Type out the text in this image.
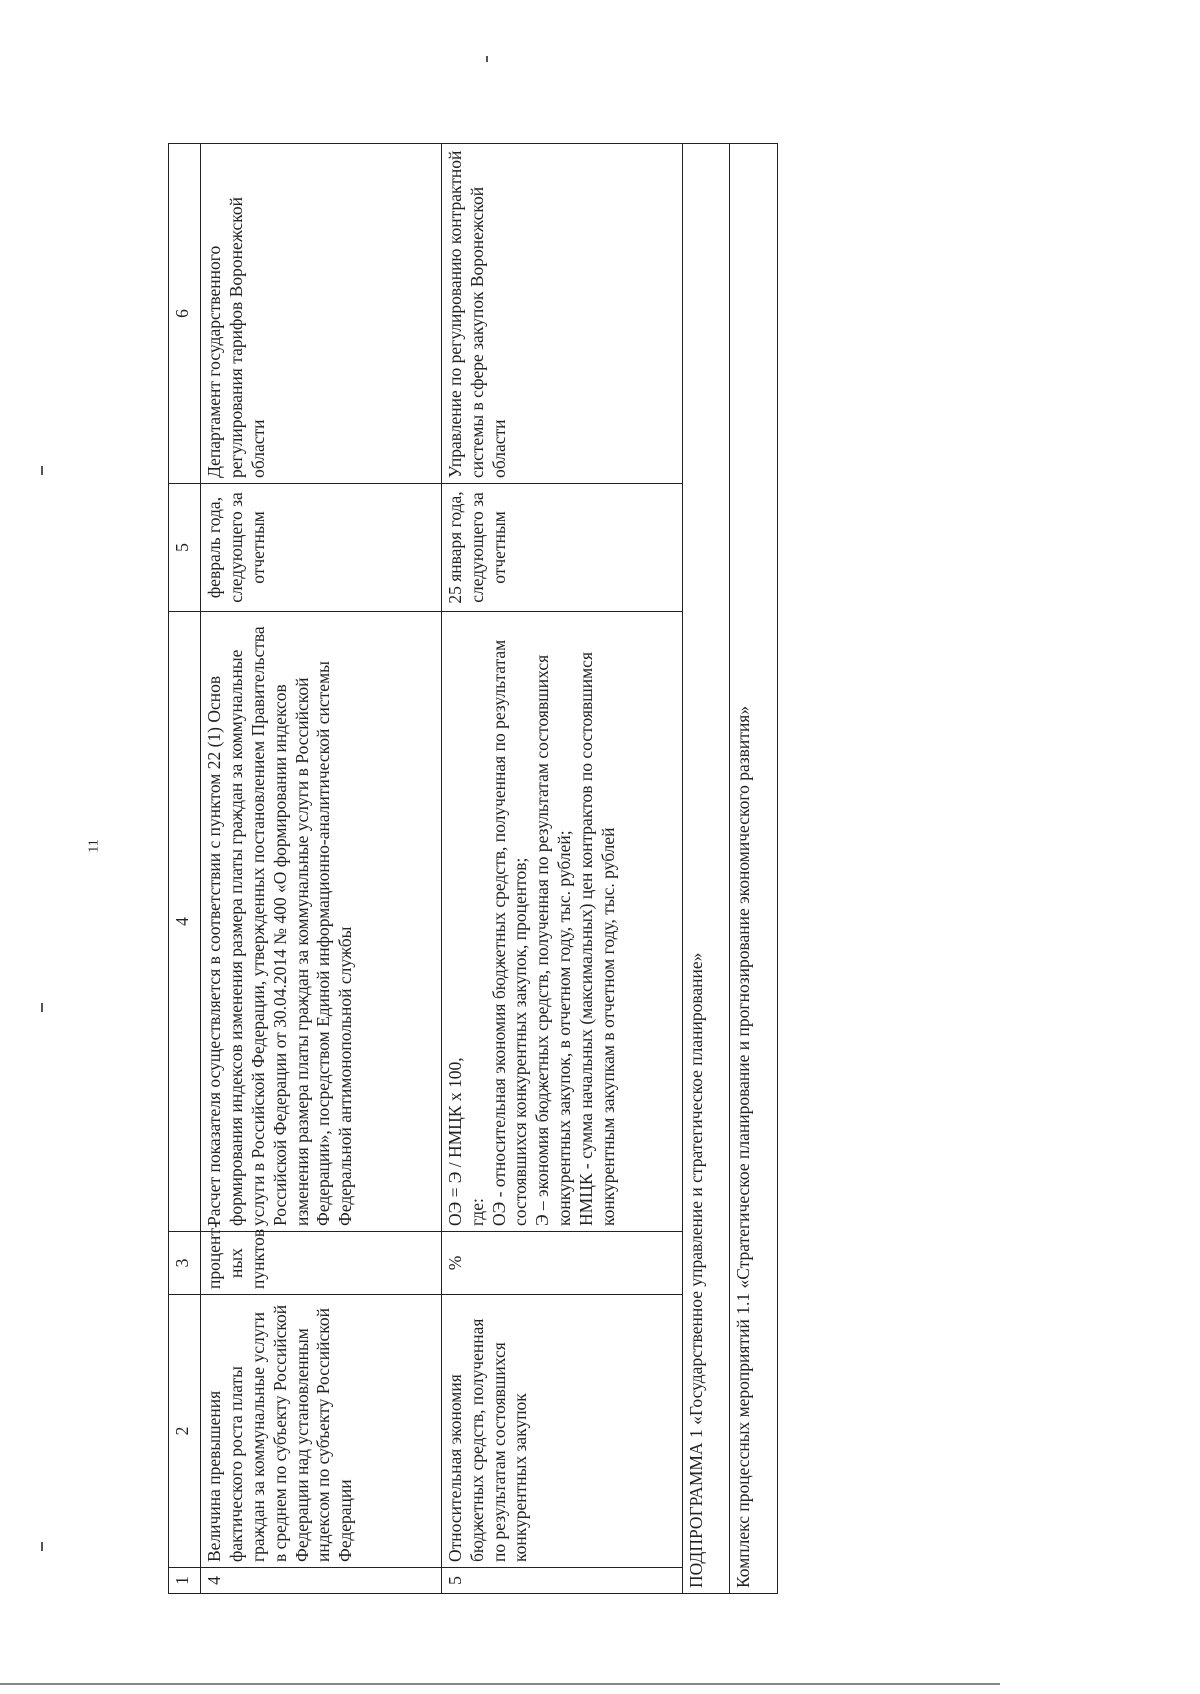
11
1	2	3	4	5	6
4	Величина превышения фактического роста платы граждан за коммунальные услуги в среднем по субъекту Российской Федерации над установленным индексом по субъекту Российской Федерации	процент-ных пунктов	Расчет показателя осуществляется в соответствии с пунктом 22 (1) Основ формирования индексов изменения размера платы граждан за коммунальные услуги в Российской Федерации, утвержденных постановлением Правительства Российской Федерации от 30.04.2014 № 400 «О формировании индексов изменения размера платы граждан за коммунальные услуги в Российской Федерации», посредством Единой информационно-аналитической системы Федеральной антимонопольной службы	февраль года, следующего за отчетным	Департамент государственного регулирования тарифов Воронежской области
5	Относительная экономия бюджетных средств, полученная по результатам состоявшихся конкурентных закупок	%	ОЭ = Э / НМЦК x 100, где: ОЭ - относительная экономия бюджетных средств, полученная по результатам состоявшихся конкурентных закупок, процентов; Э – экономия бюджетных средств, полученная по результатам состоявшихся конкурентных закупок, в отчетном году, тыс. рублей; НМЦК - сумма начальных (максимальных) цен контрактов по состоявшимся конкурентным закупкам в отчетном году, тыс. рублей	25 января года, следующего за отчетным	Управление по регулированию контрактной системы в сфере закупок Воронежской области
ПОДПРОГРАММА 1 «Государственное управление и стратегическое планирование»					
Комплекс процессных мероприятий 1.1 «Стратегическое планирование и прогнозирование экономического развития»					
